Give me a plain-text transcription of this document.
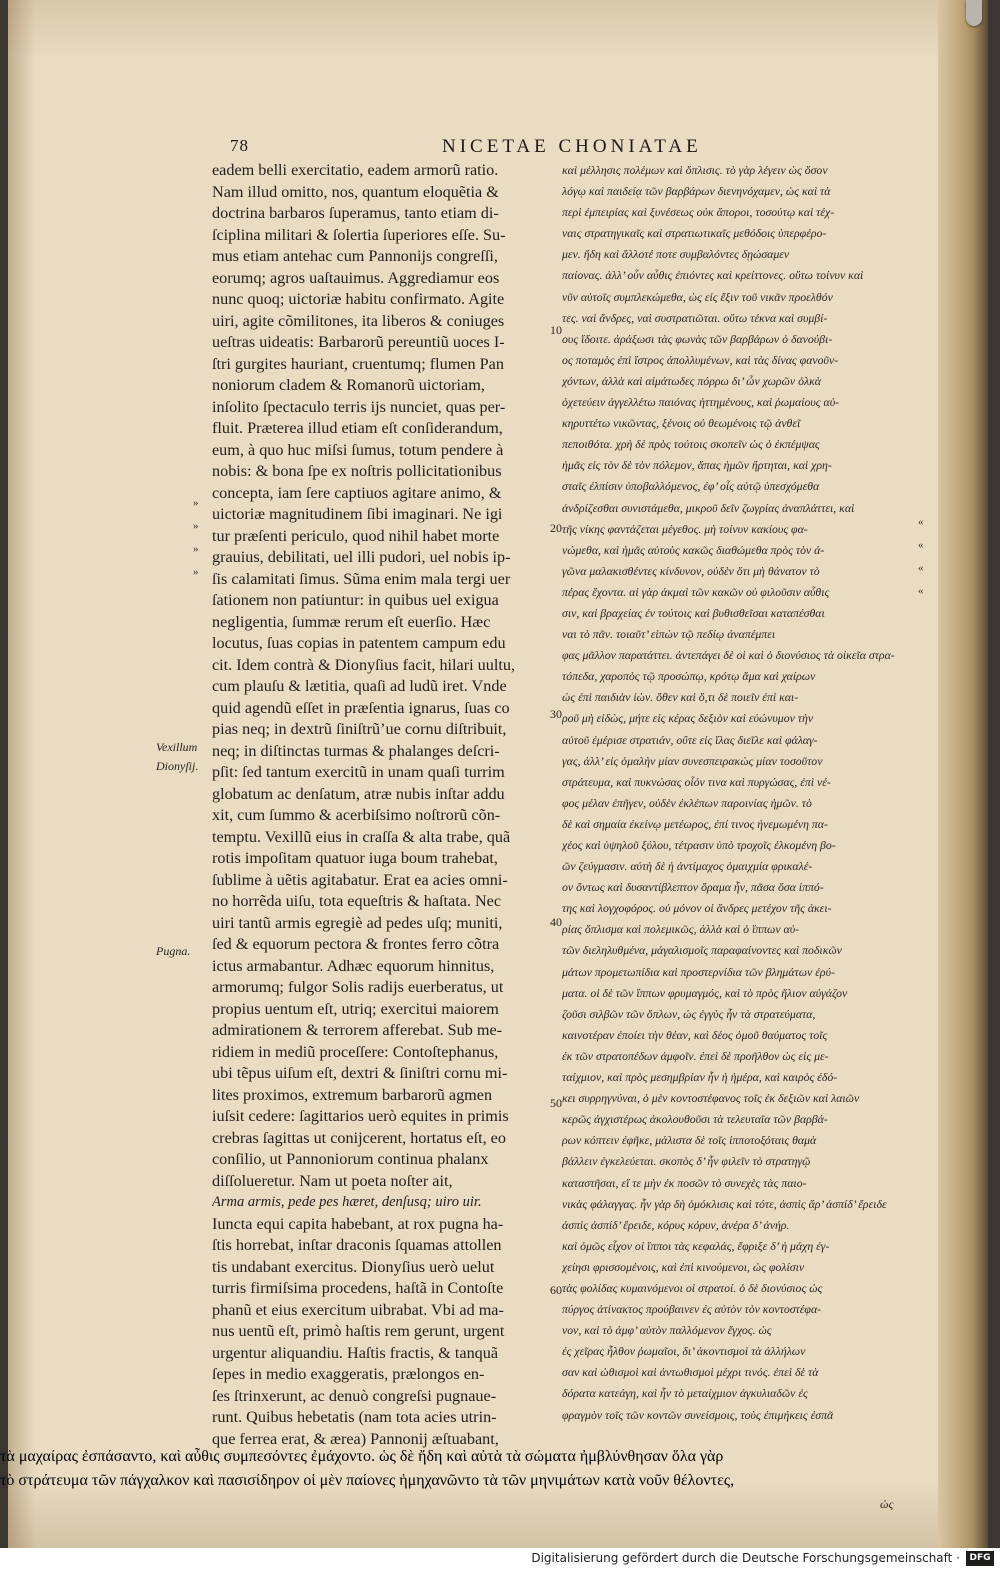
78	NICETAE CHONIATAE
eadem belli exercitatio, eadem armorũ ratio.
Nam illud omitto, nos, quantum eloquẽtia &
doctrina barbaros ſuperamus, tanto etiam di-
ſciplina militari & ſolertia ſuperiores eſſe. Su-
mus etiam antehac cum Pannonijs congreſſi,
eorumq; agros uaſtauimus. Aggrediamur eos
nunc quoq; uictoriæ habitu confirmato. Agite
uiri, agite cõmilitones, ita liberos & coniuges
ueſtras uideatis: Barbarorũ pereuntiũ uoces I-
ſtri gurgites hauriant, cruentumq; flumen Pan
noniorum cladem & Romanorũ uictoriam,
inſolito ſpectaculo terris ijs nunciet, quas per-
fluit. Præterea illud etiam eſt conſiderandum,
eum, à quo huc miſsi ſumus, totum pendere à
nobis: & bona ſpe ex noſtris pollicitationibus
concepta, iam ſere captiuos agitare animo, &
uictoriæ magnitudinem ſibi imaginari. Ne igi
tur præſenti periculo, quod nihil habet morte
grauius, debilitati, uel illi pudori, uel nobis ip-
ſis calamitati ſimus. Sũma enim mala tergi uer
ſationem non patiuntur: in quibus uel exigua
negligentia, ſummæ rerum eſt euerſio. Hæc
locutus, ſuas copias in patentem campum edu
cit. Idem contrà & Dionyſius facit, hilari uultu,
cum plauſu & lætitia, quaſi ad ludũ iret. Vnde
quid agendũ eſſet in præſentia ignarus, ſuas co
pias neq; in dextrũ ſiniſtrũ’ue cornu diſtribuit,
neq; in diſtinctas turmas & phalanges deſcri-
pſit: ſed tantum exercitũ in unam quaſi turrim
globatum ac denſatum, atræ nubis inſtar addu
xit, cum ſummo & acerbiſsimo noſtrorũ cõn-
temptu. Vexillũ eius in craſſa & alta trabe, quã
rotis impoſitam quatuor iuga boum trahebat,
ſublime à uẽtis agitabatur. Erat ea acies omni-
no horrẽda uiſu, tota equeſtris & haſtata. Nec
uiri tantũ armis egregiè ad pedes uſq; muniti,
ſed & equorum pectora & frontes ferro cõtra
ictus armabantur. Adhæc equorum hinnitus,
armorumq; fulgor Solis radijs euerberatus, ut
propius uentum eſt, utriq; exercitui maiorem
admirationem & terrorem afferebat. Sub me-
ridiem in mediũ proceſſere: Contoſtephanus,
ubi tẽpus uiſum eſt, dextri & ſiniſtri cornu mi-
lites proximos, extremum barbarorũ agmen
iuſsit cedere: ſagittarios uerò equites in primis
crebras ſagittas ut conijcerent, hortatus eſt, eo
conſilio, ut Pannoniorum continua phalanx
diſſolueretur. Nam ut poeta noſter ait,
Arma armis, pede pes hæret, denſusq; uiro uir.
Iuncta equi capita habebant, at rox pugna ha-
ſtis horrebat, inſtar draconis ſquamas attollen
tis undabant exercitus. Dionyſius uerò uelut
turris firmiſsima procedens, haſtã in Contoſte
phanũ et eius exercitum uibrabat. Vbi ad ma-
nus uentũ eſt, primò haſtis rem gerunt, urgent
urgentur aliquandiu. Haſtis fractis, & tanquã
ſepes in medio exaggeratis, prælongos en-
ſes ſtrinxerunt, ac denuò congreſsi pugnaue-
runt. Quibus hebetatis (nam tota acies utrin-
que ferrea erat, & ærea) Pannonij æſtuabant,
καὶ μέλλησις πολέμων καὶ ὅπλισις. τὸ γὰρ λέγειν ὡς ὅσον
λόγῳ καὶ παιδείᾳ τῶν βαρβάρων διενηνόχαμεν, ὡς καὶ τὰ
περὶ ἐμπειρίας καὶ ξυνέσεως οὐκ ἄποροι, τοσούτῳ καὶ τέχ-
ναις στρατηγικαῖς καὶ στρατιωτικαῖς μεθόδοις ὑπερφέρο-
μεν. ἤδη καὶ ἄλλοτέ ποτε συμβαλόντες δῃώσαμεν
παίονας. ἀλλ’ οὖν αὖθις ἐπιόντες καὶ κρείττονες. οὕτω τοίνυν καὶ
νῦν αὐτοῖς συμπλεκώμεθα, ὡς εἰς ἔξιν τοῦ νικᾶν προελθόν
τες. ναὶ ἄνδρες, ναὶ συστρατιῶται. οὕτω τέκνα καὶ συμβί-
ους ἴδοιτε. ἀράξωσι τὰς φωνὰς τῶν βαρβάρων ὁ δανούβι-
ος ποταμὸς ἐπὶ ἴστρος ἀπολλυμένων, καὶ τὰς δίνας φανοῦν-
χόντων, ἀλλὰ καὶ αἱμάτωδες πόρρω δι’ ὧν χωρῶν ὁλκὰ
ὀχετεύειν ἀγγελλέτω παιόνας ἡττημένους, καὶ ῥωμαίους αὐ-
κηρυττέτω νικῶντας, ξένοις οὐ θεωμένοις τῷ ἀνθεῖ
πεποιθότα. χρὴ δὲ πρὸς τούτοις σκοπεῖν ὡς ὁ ἐκπέμψας
ἡμᾶς εἰς τὸν δὲ τὸν πόλεμον, ἅπας ἡμῶν ἤρτηται, καὶ χρη-
σταῖς ἐλπίσιν ὑποβαλλόμενος, ἐφ’ οἷς αὐτῷ ὑπεσχόμεθα
ἀνδρίζεσθαι συνιστάμεθα, μικροῦ δεῖν ζωγρίας ἀναπλάττει, καὶ
τῆς νίκης φαντάζεται μέγεθος. μὴ τοίνυν κακίους φα-
νώμεθα, καὶ ἡμᾶς αὐτοὺς κακῶς διαθώμεθα πρὸς τὸν ἀ-
γῶνα μαλακισθέντες κίνδυνον, οὐδὲν ὅτι μὴ θάνατον τὸ
πέρας ἔχοντα. αἱ γὰρ ἀκμαὶ τῶν κακῶν οὐ φιλοῦσιν αὖθις
σιν, καὶ βραχείας ἐν τούτοις καὶ βυθισθεῖσαι καταπέσθαι
ναι τὸ πᾶν. τοιαῦτ’ εἰπὼν τῷ πεδίῳ ἀναπέμπει
φας μᾶλλον παρατάττει. ἀντεπάγει δὲ οἱ καὶ ὁ διονύσιος τὰ οἰκεῖα στρα-
τόπεδα, χαροπὸς τῷ προσώπῳ, κρότῳ ἅμα καὶ χαίρων
ὡς ἐπὶ παιδιὰν ἰὼν. ὅθεν καὶ ὅ,τι δὲ ποιεῖν ἐπὶ και-
ροῦ μὴ εἰδὼς, μήτε εἰς κέρας δεξιὸν καὶ εὐώνυμον τὴν
αὐτοῦ ἐμέρισε στρατιάν, οὔτε εἰς ἴλας διεῖλε καὶ φάλαγ-
γας, ἀλλ’ εἰς ὁμαλὴν μίαν συνεσπειρακὼς μίαν τοσοῦτον
στράτευμα, καὶ πυκνώσας οἷόν τινα καὶ πυργώσας, ἐπὶ νέ-
φος μέλαν ἐπῆγεν, οὐδὲν ἐκλέπων παροινίας ἡμῶν. τὸ
δὲ καὶ σημαία ἐκείνῳ μετέωρος, ἐπί τινος ἠνεμωμένη πα-
χέος καὶ ὑψηλοῦ ξύλου, τέτρασιν ὑπὸ τροχοῖς ἑλκομένη βο-
ῶν ζεύγμασιν. αὐτὴ δὲ ἡ ἀντίμαχος ὁμαιχμία φρικαλέ-
ον ὄντως καὶ δυσαντίβλεπτον ὅραμα ἦν, πᾶσα ὅσα ἱππό-
της καὶ λογχοφόρος. οὐ μόνον οἱ ἄνδρες μετέχον τῆς ἀκει-
ρίας ὅπλισμα καὶ πολεμικῶς, ἀλλὰ καὶ ὁ ἵππων αὐ-
τῶν διεληλυθμένα, μάγαλισμοῖς παραφαίνοντες καὶ ποδικῶν
μάτων προμετωπίδια καὶ προστερνίδια τῶν βλημάτων ἐρύ-
ματα. οἱ δὲ τῶν ἵππων φρυμαγμός, καὶ τὸ πρὸς ἥλιον αὐγάζον
ζοῦσι σιλβῶν τῶν ὅπλων, ὡς ἐγγὺς ἦν τὰ στρατεύματα,
καινοτέραν ἐποίει τὴν θέαν, καὶ δέος ὁμοῦ θαύματος τοῖς
ἐκ τῶν στρατοπέδων ἀμφοῖν. ἐπεὶ δὲ προῆλθον ὡς εἰς με-
ταίχμιον, καὶ πρὸς μεσημβρίαν ἦν ἡ ἡμέρα, καὶ καιρὸς ἐδό-
κει συρρηγνύναι, ὁ μὲν κοντοστέφανος τοῖς ἐκ δεξιῶν καὶ λαιῶν
κερῶς ἀγχιστέρως ἀκολουθοῦσι τὰ τελευταῖα τῶν βαρβά-
ρων κόπτειν ἐφῆκε, μάλιστα δὲ τοῖς ἱπποτοξόταις θαμὰ
βάλλειν ἐγκελεύεται. σκοπὸς δ’ ἦν φιλεῖν τὸ στρατηγῷ
καταστῆσαι, εἴ τε μὴν ἐκ ποσῶν τὸ συνεχὲς τὰς παιο-
νικὰς φάλαγγας. ἦν γὰρ δὴ ὁμόκλισις καὶ τότε, ἀσπὶς ἄρ’ ἀσπίδ’ ἔρειδε
ἀσπὶς ἀσπίδ’ ἔρειδε, κόρυς κόρυν, ἀνέρα δ’ ἀνήρ.
καὶ ὁμῶς εἶχον οἱ ἵπποι τὰς κεφαλάς, ἔφριξε δ’ ἡ μάχη ἐγ-
χείησι φρισσομένοις, καὶ ἐπὶ κινούμενοι, ὡς φολίσιν
τὰς φολίδας κυμαινόμενοι οἱ στρατοί. ὁ δὲ διονύσιος ὡς
πύργος ἀτίνακτος προύβαινεν ἐς αὐτὸν τὸν κοντοστέφα-
νον, καὶ τὸ ἀμφ’ αὐτὸν παλλόμενον ἔγχος. ὡς
ἐς χεῖρας ἦλθον ῥωμαῖοι, δι’ ἀκοντισμοὶ τὰ ἀλλήλων
σαν καὶ ὠθισμοὶ καὶ ἀντωθισμοὶ μέχρι τινός. ἐπεὶ δὲ τὰ
δόρατα κατεάγη, καὶ ἦν τὸ μεταίχμιον ἀγκυλιαδῶν ἐς
φραγμὸν τοῖς τῶν κοντῶν συνείσμοις, τοὺς ἐπιμήκεις ἐσπᾶ
τὰ μαχαίρας ἐσπάσαντο, καὶ αὖθις συμπεσόντες ἐμάχοντο. ὡς δὲ ἤδη καὶ αὐτὰ τὰ σώματα ἠμβλύνθησαν ὅλα γὰρ
τὸ στράτευμα τῶν πάγχαλκον καὶ πασισίδηρον οἱ μὲν παίονες ἠμηχανῶντο τὰ τῶν μηνιμάτων κατὰ νοῦν θέλοντες,
Vexillum
Dionyſij.
Pugna.
10
20
30
40
50
60
»
»
»
»
«
«
«
«
Digitalisierung gefördert durch die Deutsche Forschungsgemeinschaft ·	DFG
ὡς
